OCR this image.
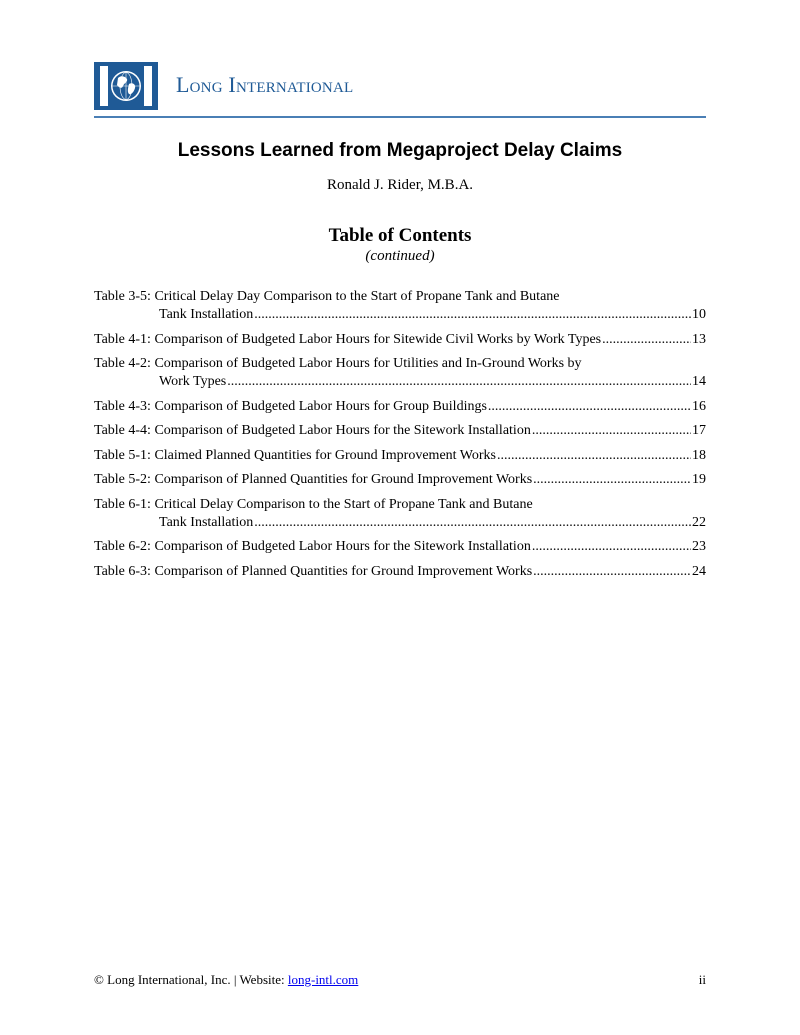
Long International
Lessons Learned from Megaproject Delay Claims
Ronald J. Rider, M.B.A.
Table of Contents
(continued)
Table 3-5: Critical Delay Day Comparison to the Start of Propane Tank and Butane
Tank Installation .....	10
Table 4-1: Comparison of Budgeted Labor Hours for Sitewide Civil Works by Work Types .....	13
Table 4-2: Comparison of Budgeted Labor Hours for Utilities and In-Ground Works by
Work Types .....	14
Table 4-3: Comparison of Budgeted Labor Hours for Group Buildings .....	16
Table 4-4: Comparison of Budgeted Labor Hours for the Sitework Installation .....	17
Table 5-1: Claimed Planned Quantities for Ground Improvement Works .....	18
Table 5-2: Comparison of Planned Quantities for Ground Improvement Works .....	19
Table 6-1: Critical Delay Comparison to the Start of Propane Tank and Butane
Tank Installation .....	22
Table 6-2: Comparison of Budgeted Labor Hours for the Sitework Installation .....	23
Table 6-3: Comparison of Planned Quantities for Ground Improvement Works .....	24
© Long International, Inc. | Website: long-intl.com	ii
